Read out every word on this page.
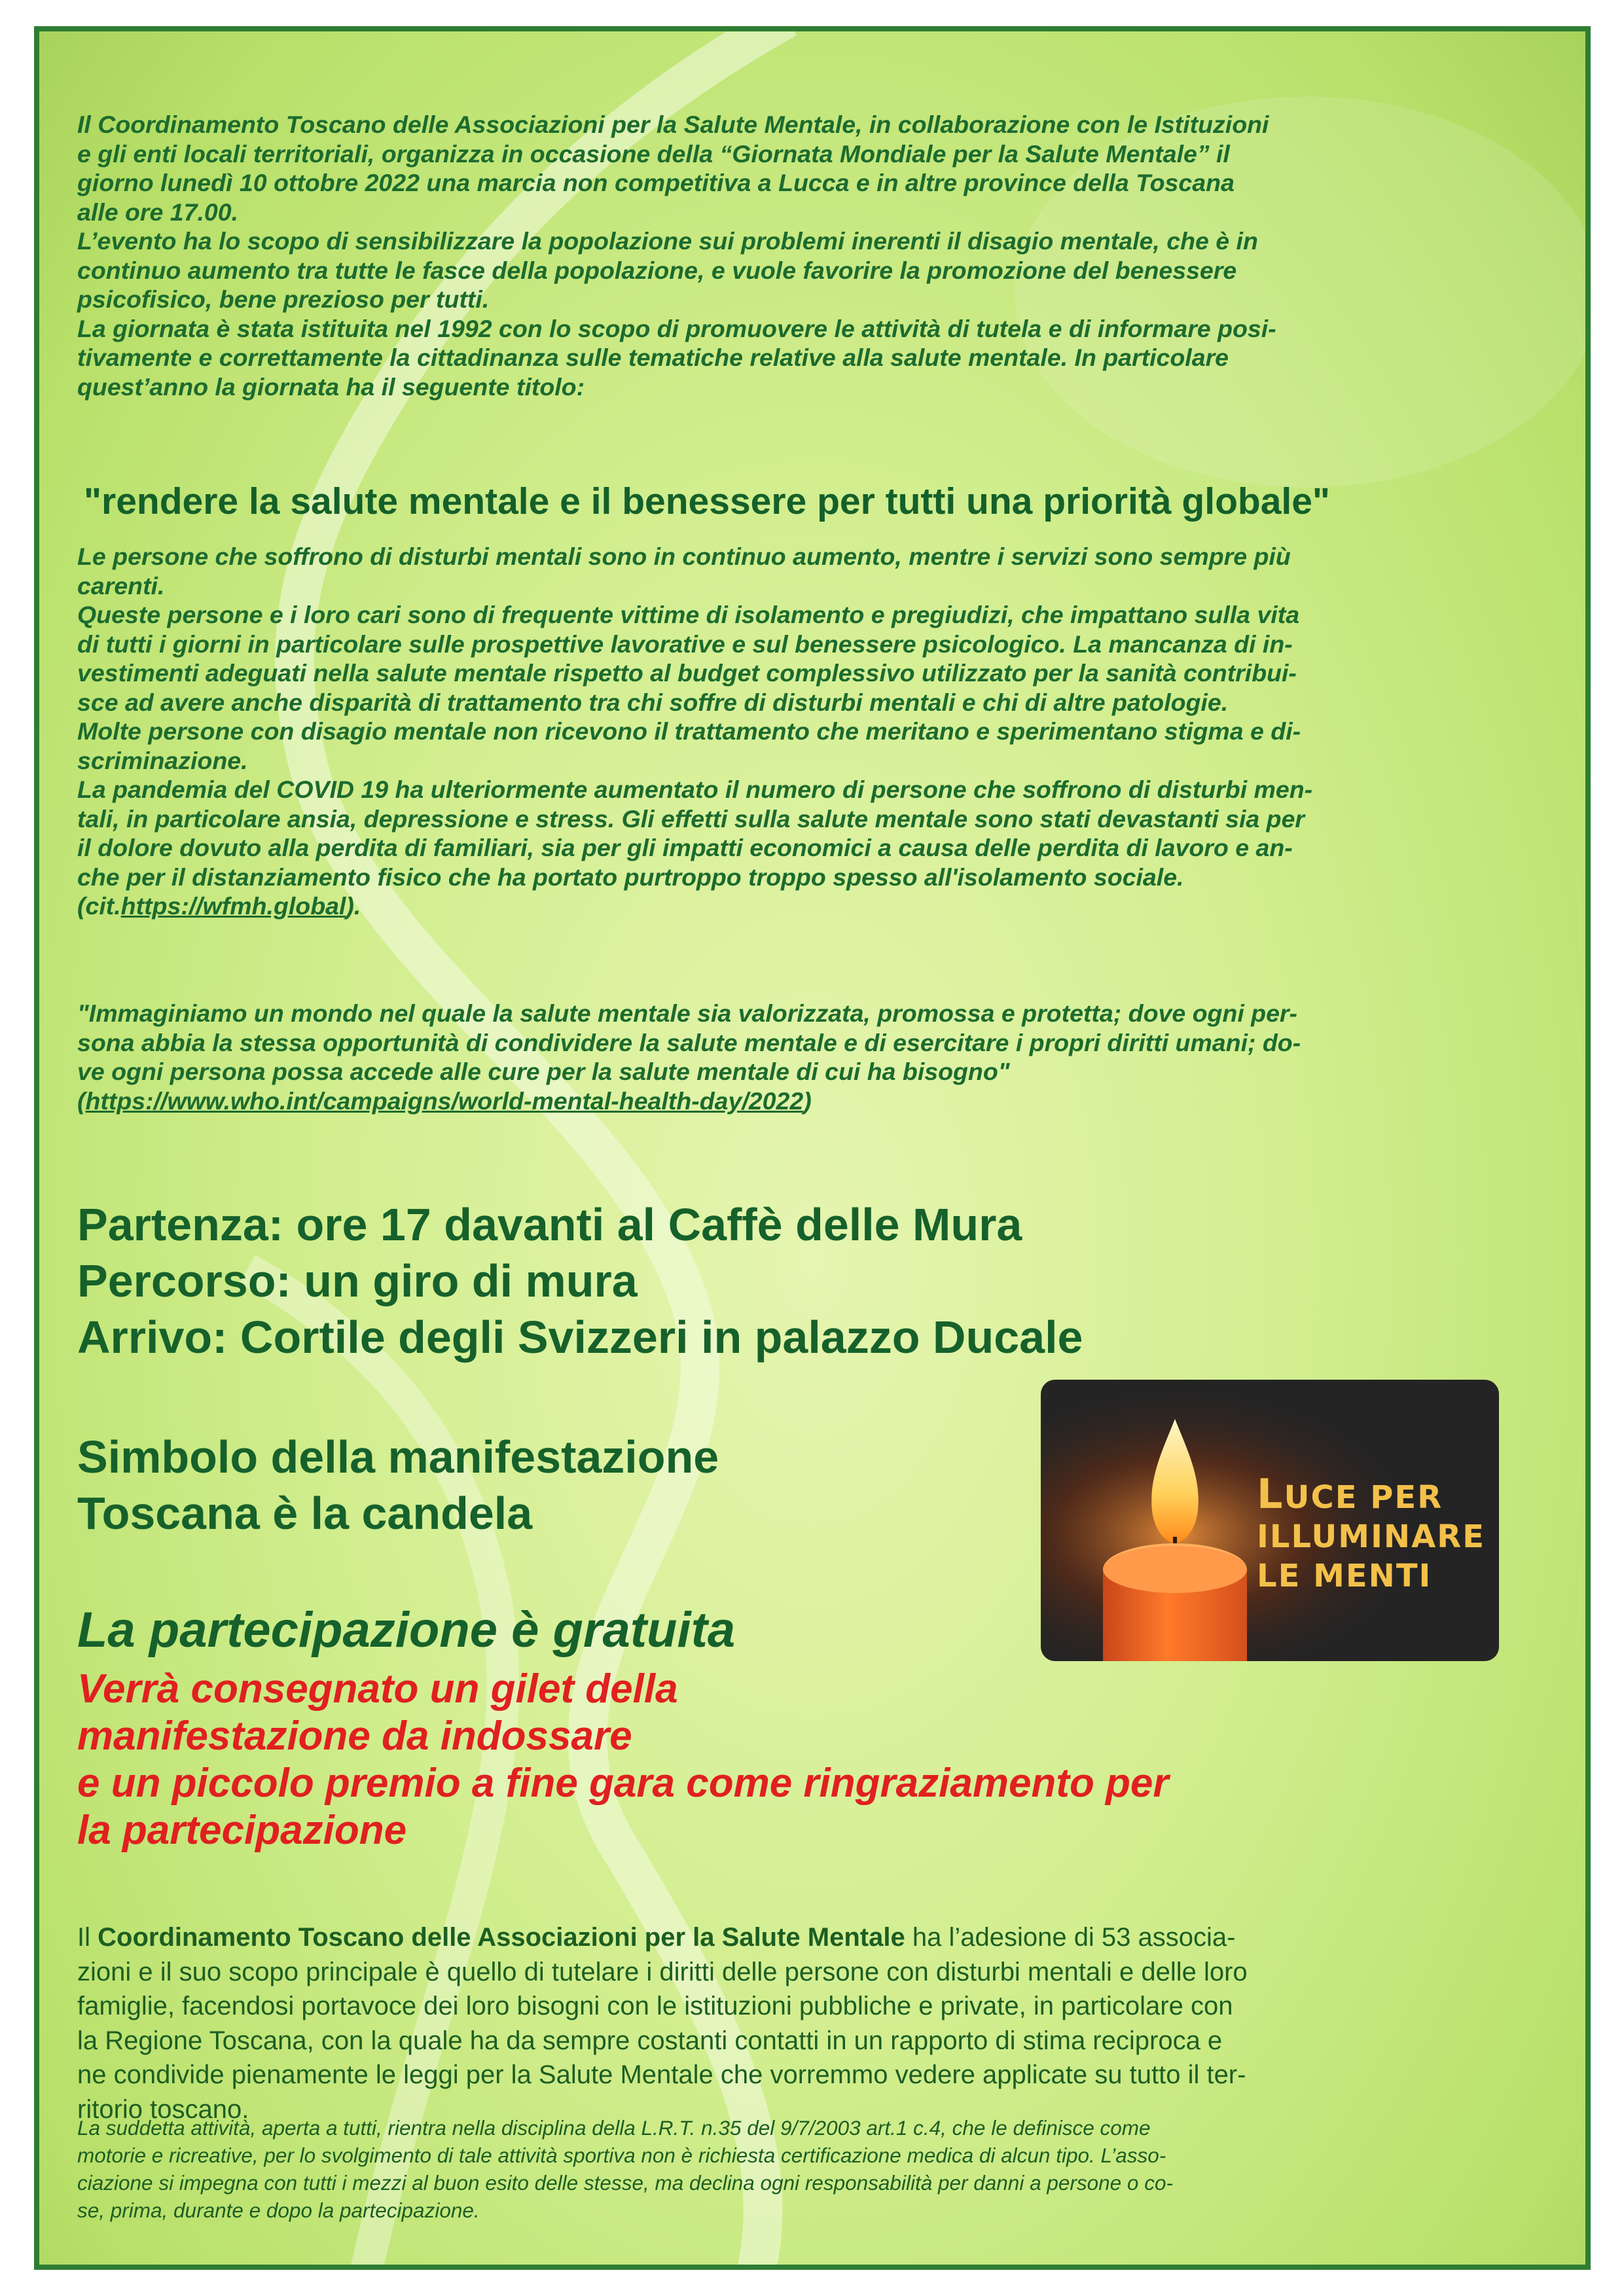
Il Coordinamento Toscano delle Associazioni per la Salute Mentale, in collaborazione con le Istituzioni
e gli enti locali territoriali, organizza in occasione della “Giornata Mondiale per la Salute Mentale” il
giorno lunedì 10 ottobre 2022 una marcia non competitiva a Lucca e in altre province della Toscana
alle ore 17.00.
L’evento ha lo scopo di sensibilizzare la popolazione sui problemi inerenti il disagio mentale, che è in
continuo aumento tra tutte le fasce della popolazione, e vuole favorire la promozione del benessere
psicofisico, bene prezioso per tutti.
La giornata è stata istituita nel 1992 con lo scopo di promuovere le attività di tutela e di informare posi-
tivamente e correttamente la cittadinanza sulle tematiche relative alla salute mentale. In particolare
quest’anno la giornata ha il seguente titolo:
"rendere la salute mentale e il benessere per tutti una priorità globale"
Le persone che soffrono di disturbi mentali sono in continuo aumento, mentre i servizi sono sempre più
carenti.
Queste persone e i loro cari sono di frequente vittime di isolamento e pregiudizi, che impattano sulla vita
di tutti i giorni in particolare sulle prospettive lavorative e sul benessere psicologico. La mancanza di in-
vestimenti adeguati nella salute mentale rispetto al budget complessivo utilizzato per la sanità contribui-
sce ad avere anche disparità di trattamento tra chi soffre di disturbi mentali e chi di altre patologie.
Molte persone con disagio mentale non ricevono il trattamento che meritano e sperimentano stigma e di-
scriminazione.
La pandemia del COVID 19 ha ulteriormente aumentato il numero di persone che soffrono di disturbi men-
tali, in particolare ansia, depressione e stress. Gli effetti sulla salute mentale sono stati devastanti sia per
il dolore dovuto alla perdita di familiari, sia per gli impatti economici a causa delle perdita di lavoro e an-
che per il distanziamento fisico che ha portato purtroppo troppo spesso all'isolamento sociale.
(cit.https://wfmh.global).
"Immaginiamo un mondo nel quale la salute mentale sia valorizzata, promossa e protetta; dove ogni per-
sona abbia la stessa opportunità di condividere la salute mentale e di esercitare i propri diritti umani; do-
ve ogni persona possa accede alle cure per la salute mentale di cui ha bisogno"
(https://www.who.int/campaigns/world-mental-health-day/2022)
Partenza: ore 17 davanti al Caffè delle Mura
Percorso: un giro di mura
Arrivo: Cortile degli Svizzeri in palazzo Ducale
Simbolo della manifestazione
Toscana è la candela	LUCE PER
ILLUMINARE
LE MENTI
La partecipazione è gratuita
Verrà consegnato un gilet della
manifestazione da indossare
e un piccolo premio a fine gara come ringraziamento per
la partecipazione
Il Coordinamento Toscano delle Associazioni per la Salute Mentale ha l’adesione di 53 associa-
zioni e il suo scopo principale è quello di tutelare i diritti delle persone con disturbi mentali e delle loro
famiglie, facendosi portavoce dei loro bisogni con le istituzioni pubbliche e private, in particolare con
la Regione Toscana, con la quale ha da sempre costanti contatti in un rapporto di stima reciproca e
ne condivide pienamente le leggi per la Salute Mentale che vorremmo vedere applicate su tutto il ter-
ritorio toscano.
La suddetta attività, aperta a tutti, rientra nella disciplina della L.R.T. n.35 del 9/7/2003 art.1 c.4, che le definisce come
motorie e ricreative, per lo svolgimento di tale attività sportiva non è richiesta certificazione medica di alcun tipo. L’asso-
ciazione si impegna con tutti i mezzi al buon esito delle stesse, ma declina ogni responsabilità per danni a persone o co-
se, prima, durante e dopo la partecipazione.
